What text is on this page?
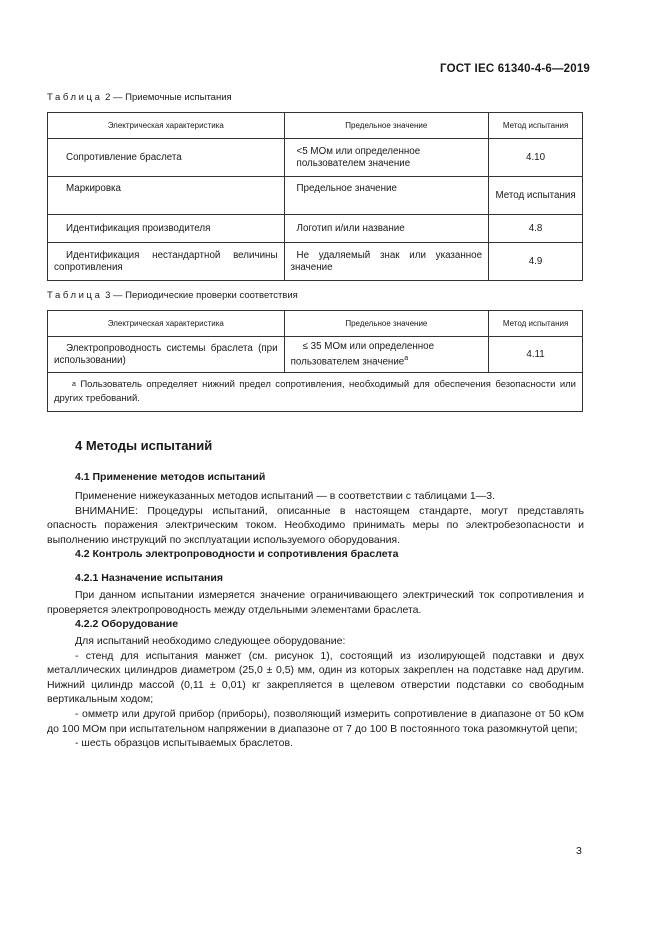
ГОСТ IEC 61340-4-6—2019
Таблица 2 — Приемочные испытания
Электрическая характеристика	Предельное значение	Метод испытания
Сопротивление браслета	<5 МОм или определенное пользователем значение	4.10
Маркировка	Предельное значение	Метод испытания
Идентификация производителя	Логотип и/или название	4.8
Идентификация нестандартной величины сопротивления	Не удаляемый знак или указанное значение	4.9
Таблица 3 — Периодические проверки соответствия
Электрическая характеристика	Предельное значение	Метод испытания
Электропроводность системы браслета (при использовании)	≤ 35 МОм или определенное пользователем значение$^a$	4.11
$^a$ Пользователь определяет нижний предел сопротивления, необходимый для обеспечения безопасности или других требований.		
4 Методы испытаний
4.1 Применение методов испытаний

Применение нижеуказанных методов испытаний — в соответствии с таблицами 1—3.

ВНИМАНИЕ: Процедуры испытаний, описанные в настоящем стандарте, могут представлять опасность поражения электрическим током. Необходимо принимать меры по электробезопасности и выполнению инструкций по эксплуатации используемого оборудования.

4.2 Контроль электропроводности и сопротивления браслета
4.2.1 Назначение испытания

При данном испытании измеряется значение ограничивающего электрический ток сопротивления и проверяется электропроводность между отдельными элементами браслета.

4.2.2 Оборудование

Для испытаний необходимо следующее оборудование:

- стенд для испытания манжет (см. рисунок 1), состоящий из изолирующей подставки и двух металлических цилиндров диаметром (25,0 ± 0,5) мм, один из которых закреплен на подставке над другим. Нижний цилиндр массой (0,11 ± 0,01) кг закрепляется в щелевом отверстии подставки со свободным вертикальным ходом;

- омметр или другой прибор (приборы), позволяющий измерить сопротивление в диапазоне от 50 кОм до 100 МОм при испытательном напряжении в диапазоне от 7 до 100 В постоянного тока разомкнутой цепи;

- шесть образцов испытываемых браслетов.

3
